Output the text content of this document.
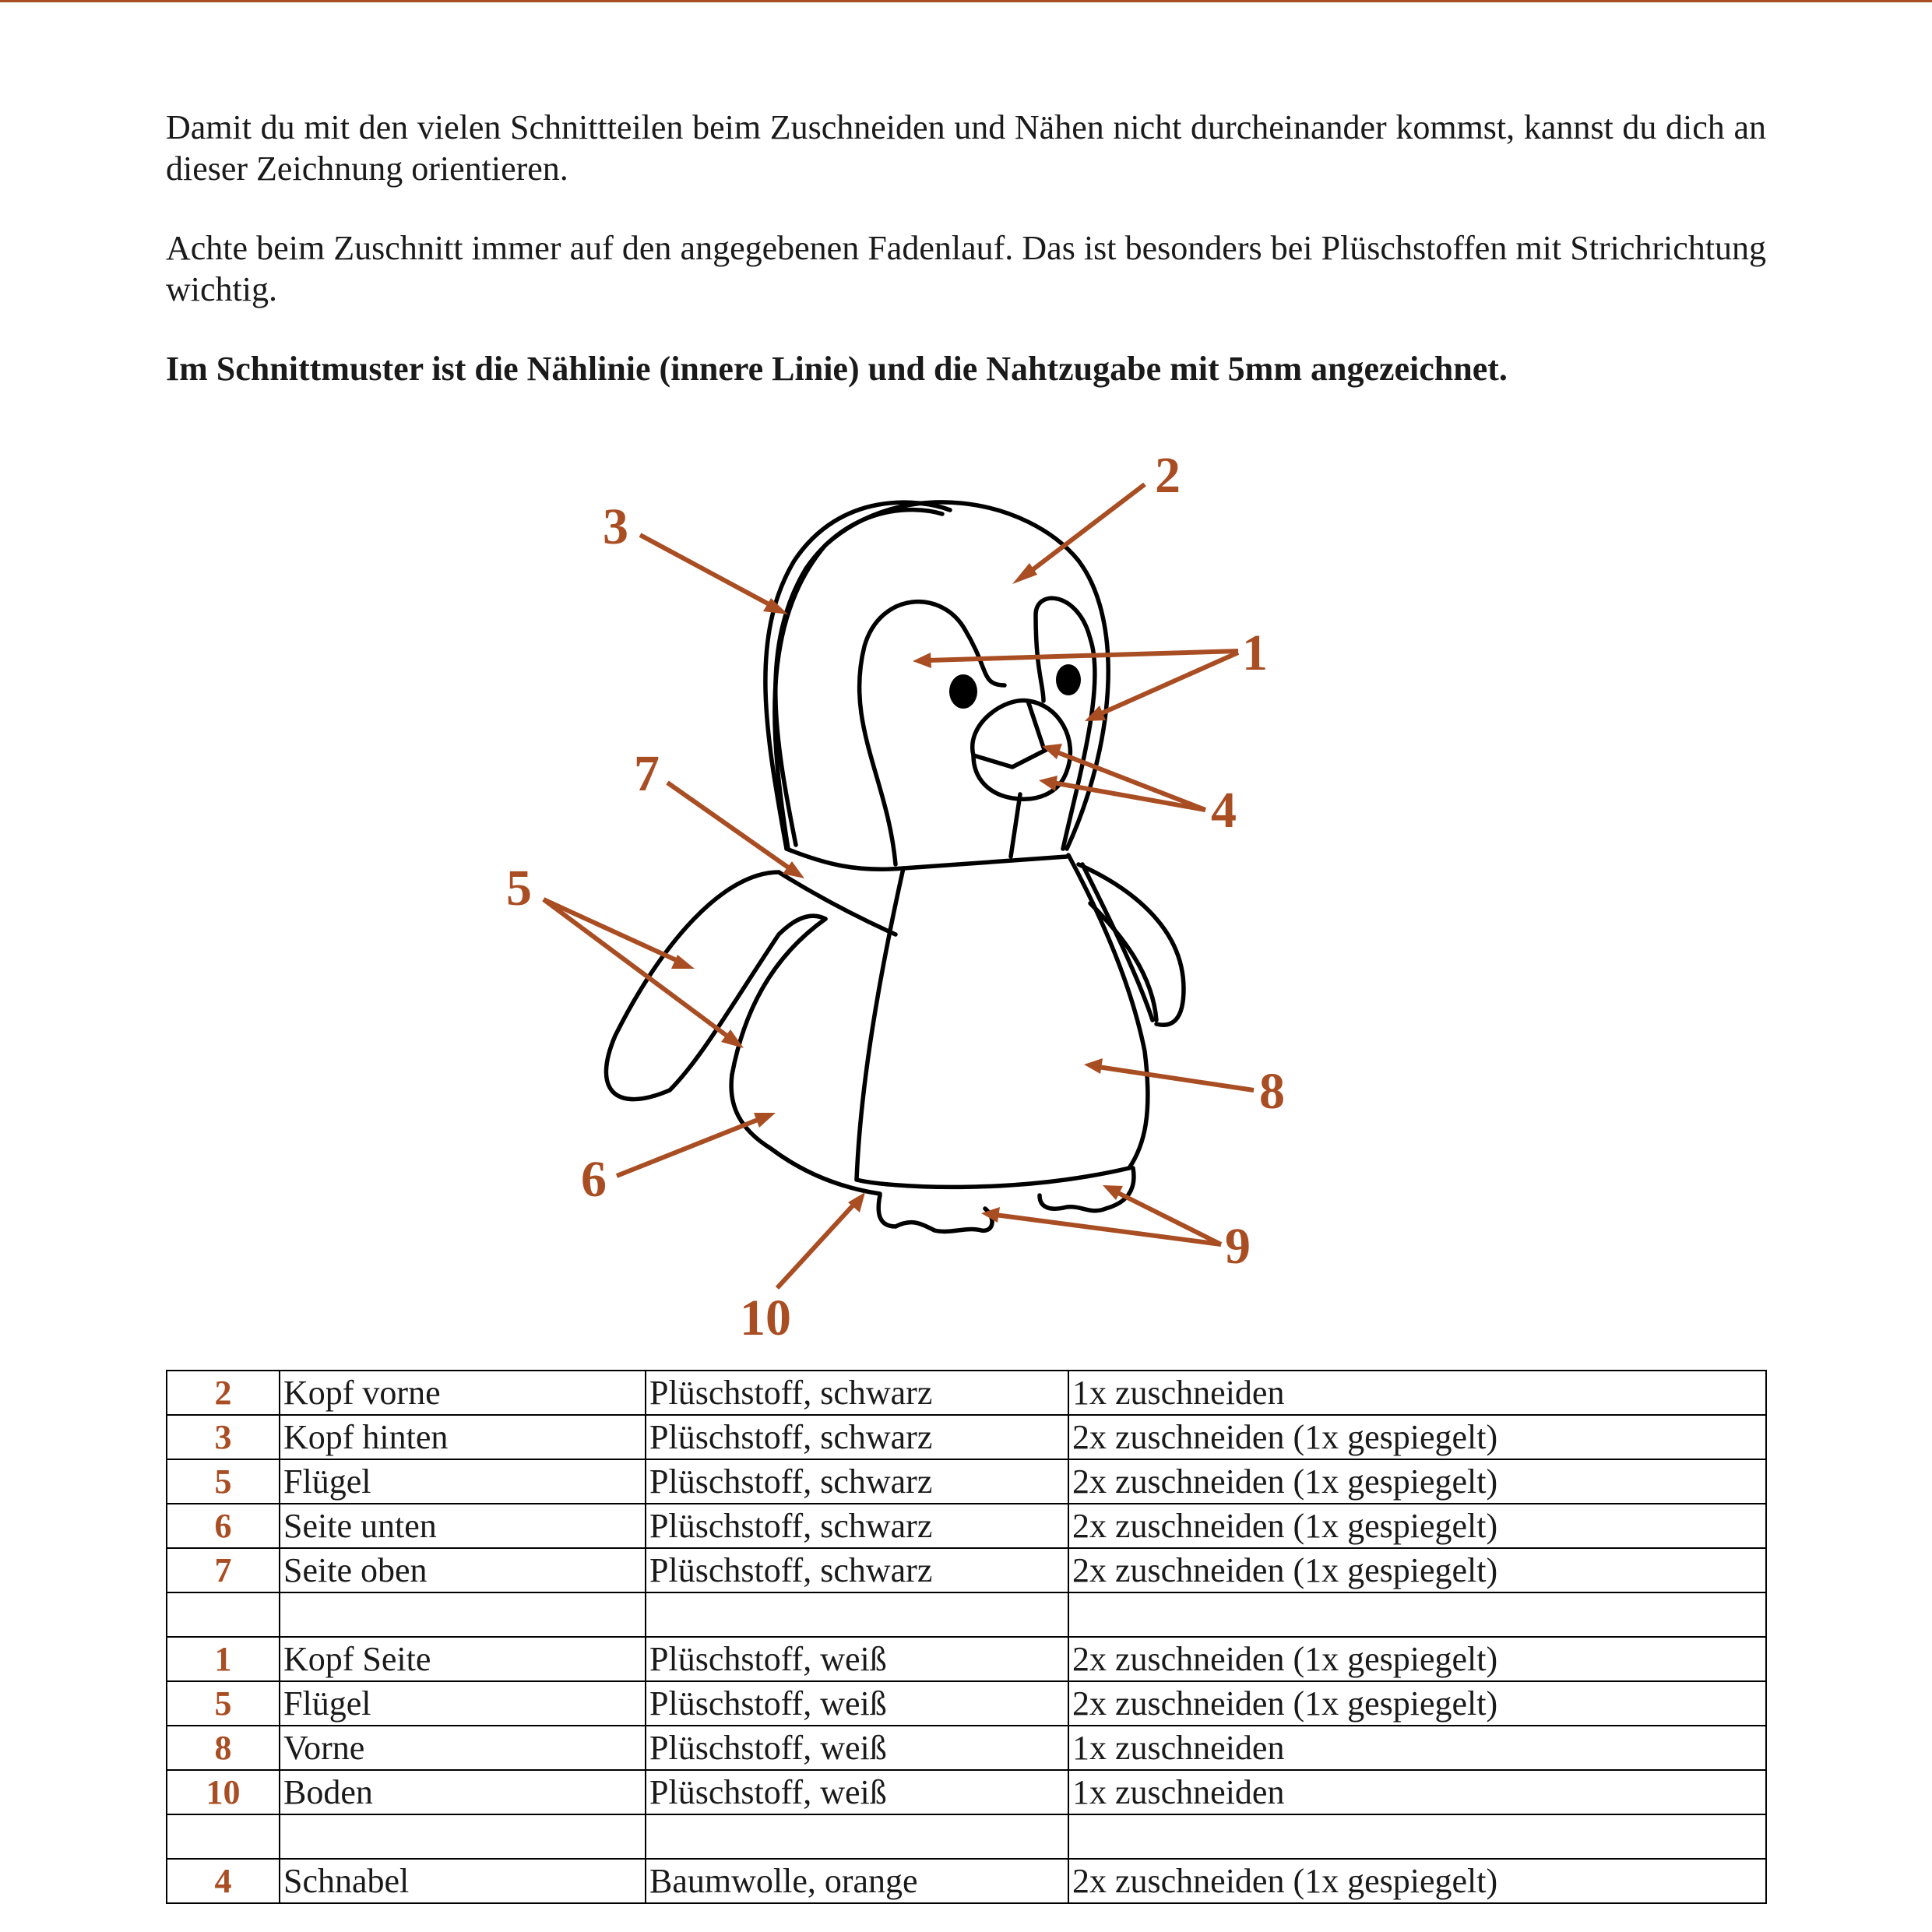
Damit du mit den vielen Schnittteilen beim Zuschneiden und Nähen nicht durcheinander kommst, kannst du dich an dieser Zeichnung orientieren.

Achte beim Zuschnitt immer auf den angegebenen Fadenlauf. Das ist besonders bei Plüschstoffen mit Strichrichtung wichtig.

Im Schnittmuster ist die Nählinie (innere Linie) und die Nahtzugabe mit 5mm angezeichnet.

2
3
1
4
7
5
8
6
9
10
2	Kopf vorne	Plüschstoff, schwarz	1x zuschneiden
3	Kopf hinten	Plüschstoff, schwarz	2x zuschneiden (1x gespiegelt)
5	Flügel	Plüschstoff, schwarz	2x zuschneiden (1x gespiegelt)
6	Seite unten	Plüschstoff, schwarz	2x zuschneiden (1x gespiegelt)
7	Seite oben	Plüschstoff, schwarz	2x zuschneiden (1x gespiegelt)

1	Kopf Seite	Plüschstoff, weiß	2x zuschneiden (1x gespiegelt)
5	Flügel	Plüschstoff, weiß	2x zuschneiden (1x gespiegelt)
8	Vorne	Plüschstoff, weiß	1x zuschneiden
10	Boden	Plüschstoff, weiß	1x zuschneiden

4	Schnabel	Baumwolle, orange	2x zuschneiden (1x gespiegelt)
